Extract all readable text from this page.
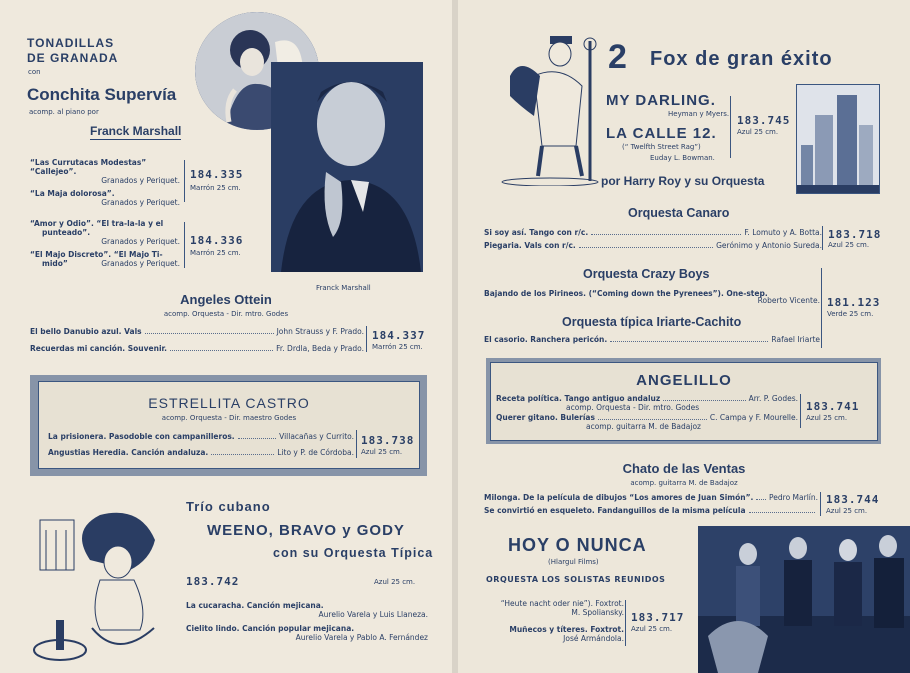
TONADILLAS
DE GRANADA
con
Conchita Supervía
acomp. al piano por
Franck Marshall
Franck Marshall
“Las Currutacas Modestas” “Callejeo”.
Granados y Periquet.
“La Maja dolorosa”.
Granados y Periquet.
184.335
Marrón 25 cm.
“Amor y Odio”. “El tra-la-la y el
punteado”.
Granados y Periquet.
“El Majo Discreto”. “El Majo Ti-
mido”	Granados y Periquet.
184.336
Marrón 25 cm.
Angeles Ottein
acomp. Orquesta - Dir. mtro. Godes
El bello Danubio azul. Vals	John Strauss y F. Prado.
Recuerdas mi canción. Souvenir.	Fr. Drdla, Beda y Prado.
184.337
Marrón 25 cm.
ESTRELLITA CASTRO
acomp. Orquesta - Dir. maestro Godes
La prisionera. Pasodoble con campanilleros.	Villacañas y Currito.
Angustias Heredia. Canción andaluza.	Lito y P. de Córdoba.
183.738
Azul 25 cm.
Trío cubano
WEENO, BRAVO y GODY
con su Orquesta Típica
183.742	Azul 25 cm.
La cucaracha. Canción mejicana.
Aurelio Varela y Luis Llaneza.
Cielito lindo. Canción popular mejicana.
Aurelio Varela y Pablo A. Fernández
2 Fox de gran éxito
MY DARLING.
Heyman y Myers.
LA CALLE 12.
(“ Twelfth Street Rag”)
Euday L. Bowman.
183.745
Azul 25 cm.
por Harry Roy y su Orquesta
Orquesta Canaro
Si soy así. Tango con r/c.	F. Lomuto y A. Botta.
Piegaria. Vals con r/c.	Gerónimo y Antonio Sureda.
183.718
Azul 25 cm.
Orquesta Crazy Boys
Bajando de los Pirineos. (“Coming down the Pyrenees”). One-step.
Roberto Vicente.
Orquesta típica Iriarte-Cachito
El casorio. Ranchera pericón.	Rafael Iriarte
181.123
Verde 25 cm.
ANGELILLO
Receta política. Tango antiguo andaluz	Arr. P. Godes.
acomp. Orquesta - Dir. mtro. Godes
Querer gitano. Bulerías	C. Campa y F. Mourelle.
acomp. guitarra M. de Badajoz
183.741
Azul 25 cm.
Chato de las Ventas
acomp. guitarra M. de Badajoz
Milonga. De la película de dibujos “Los amores de Juan Simón”. Pedro Marlín.
Se convirtió en esqueleto. Fandanguillos de la misma película
183.744
Azul 25 cm.
HOY O NUNCA
(Hlargul Films)
ORQUESTA LOS SOLISTAS REUNIDOS
“Heute nacht oder nie”). Foxtrot.
M. Spoliansky.
Muñecos y títeres. Foxtrot.
José Armándola.
183.717
Azul 25 cm.
